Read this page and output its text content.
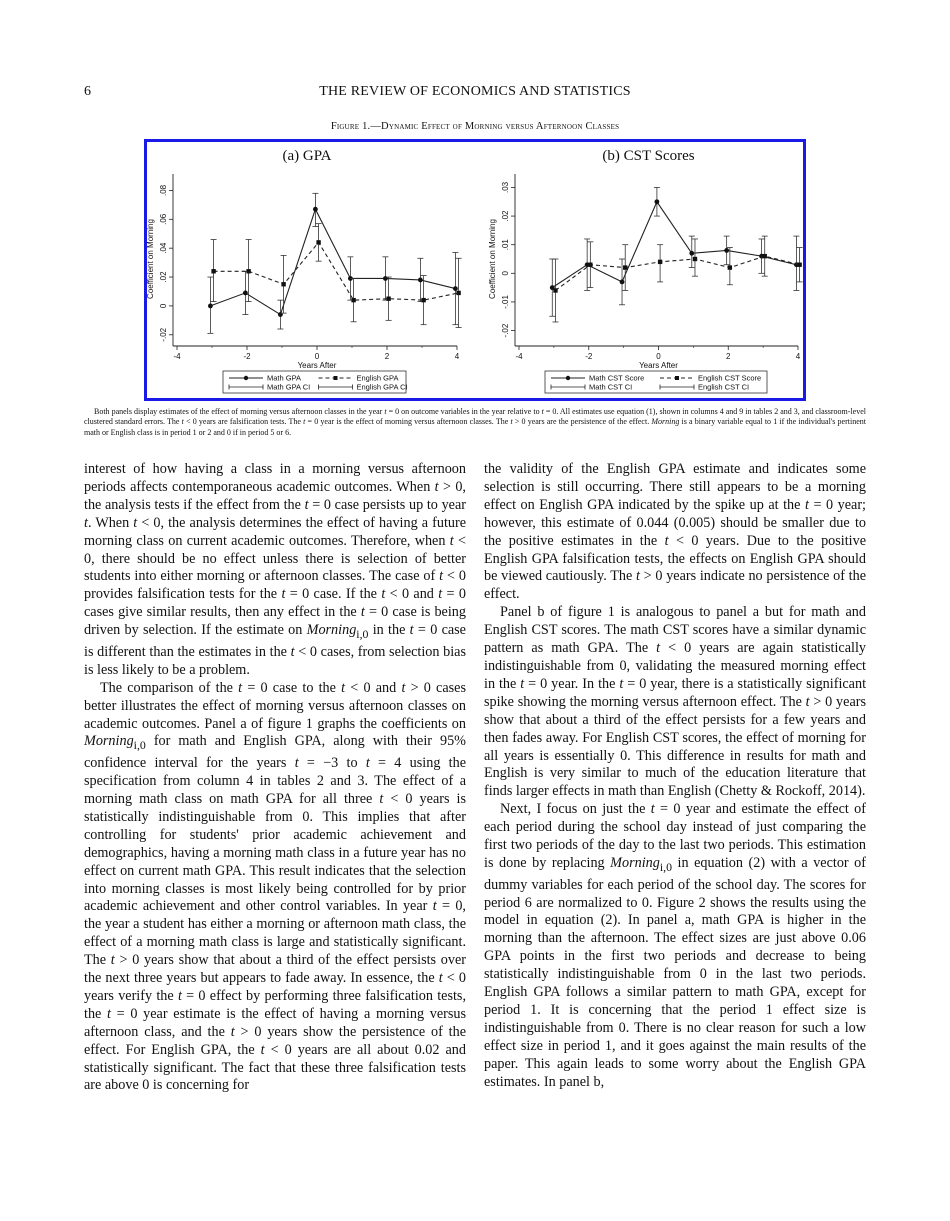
6	THE REVIEW OF ECONOMICS AND STATISTICS
Figure 1.—Dynamic Effect of Morning versus Afternoon Classes
(a) GPA
-4	-2	0	2	4
Years After
-.02
0
.02
.04
.06
.08
Coefficient on Morning
Math GPA	English GPA
Math GPA CI	English GPA CI
(b) CST Scores
-4	-2	0	2	4
Years After
-.02
-.01
0
.01
.02
.03
Coefficient on Morning
Math CST Score	English CST Score
Math CST CI	English CST CI
Both panels display estimates of the effect of morning versus afternoon classes in the year t = 0 on outcome variables in the year relative to t = 0. All estimates use equation (1), shown in columns 4 and 9 in tables 2 and 3, and classroom-level clustered standard errors. The t < 0 years are falsification tests. The t = 0 year is the effect of morning versus afternoon classes. The t > 0 years are the persistence of the effect. Morning is a binary variable equal to 1 if the individual's pertinent math or English class is in period 1 or 2 and 0 if in period 5 or 6.

interest of how having a class in a morning versus afternoon periods affects contemporaneous academic outcomes. When t > 0, the analysis tests if the effect from the t = 0 case persists up to year t. When t < 0, the analysis determines the effect of having a future morning class on current academic outcomes. Therefore, when t < 0, there should be no effect unless there is selection of better students into either morning or afternoon classes. The case of t < 0 provides falsification tests for the t = 0 case. If the t < 0 and t = 0 cases give similar results, then any effect in the t = 0 case is being driven by selection. If the estimate on Morning$_{i,0}$ in the t = 0 case is different than the estimates in the t < 0 cases, from selection bias is less likely to be a problem.

The comparison of the t = 0 case to the t < 0 and t > 0 cases better illustrates the effect of morning versus afternoon classes on academic outcomes. Panel a of figure 1 graphs the coefficients on Morning$_{i,0}$ for math and English GPA, along with their 95% confidence interval for the years t = −3 to t = 4 using the specification from column 4 in tables 2 and 3. The effect of a morning math class on math GPA for all three t < 0 years is statistically indistinguishable from 0. This implies that after controlling for students' prior academic achievement and demographics, having a morning math class in a future year has no effect on current math GPA. This result indicates that the selection into morning classes is most likely being controlled for by prior academic achievement and other control variables. In year t = 0, the year a student has either a morning or afternoon math class, the effect of a morning math class is large and statistically significant. The t > 0 years show that about a third of the effect persists over the next three years but appears to fade away. In essence, the t < 0 years verify the t = 0 effect by performing three falsification tests, the t = 0 year estimate is the effect of having a morning versus afternoon class, and the t > 0 years show the persistence of the effect. For English GPA, the t < 0 years are all about 0.02 and statistically significant. The fact that these three falsification tests are above 0 is concerning for

the validity of the English GPA estimate and indicates some selection is still occurring. There still appears to be a morning effect on English GPA indicated by the spike up at the t = 0 year; however, this estimate of 0.044 (0.005) should be smaller due to the positive estimates in the t < 0 years. Due to the positive English GPA falsification tests, the effects on English GPA should be viewed cautiously. The t > 0 years indicate no persistence of the effect.

Panel b of figure 1 is analogous to panel a but for math and English CST scores. The math CST scores have a similar dynamic pattern as math GPA. The t < 0 years are again statistically indistinguishable from 0, validating the measured morning effect in the t = 0 year. In the t = 0 year, there is a statistically significant spike showing the morning versus afternoon effect. The t > 0 years show that about a third of the effect persists for a few years and then fades away. For English CST scores, the effect of morning for all years is essentially 0. This difference in results for math and English is very similar to much of the education literature that finds larger effects in math than English (Chetty & Rockoff, 2014).

Next, I focus on just the t = 0 year and estimate the effect of each period during the school day instead of just comparing the first two periods of the day to the last two periods. This estimation is done by replacing Morning$_{i,0}$ in equation (2) with a vector of dummy variables for each period of the school day. The scores for period 6 are normalized to 0. Figure 2 shows the results using the model in equation (2). In panel a, math GPA is higher in the morning than the afternoon. The effect sizes are just above 0.06 GPA points in the first two periods and decrease to being statistically indistinguishable from 0 in the last two periods. English GPA follows a similar pattern to math GPA, except for period 1. It is concerning that the period 1 effect size is indistinguishable from 0. There is no clear reason for such a low effect size in period 1, and it goes against the main results of the paper. This again leads to some worry about the English GPA estimates. In panel b,
